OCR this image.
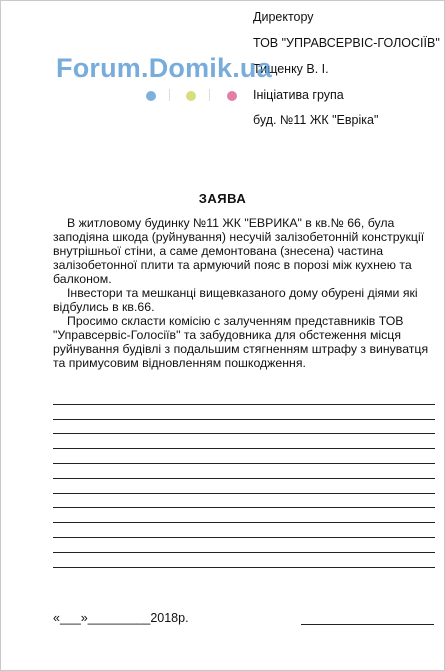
Директору
ТОВ "УПРАВСЕРВІС-ГОЛОСІЇВ"
Тищенку В. І.
Ініціатива група
буд. №11 ЖК "Евріка"
Forum.Domik.ua
ЗАЯВА

В житловому будинку №11 ЖК "ЕВРИКА" в кв.№ 66, була заподіяна шкода (руйнування) несучій залізобетонній конструкції внутрішньої стіни, а саме демонтована (знесена) частина залізобетонної плити та армуючий пояс в порозі між кухнею та балконом.

Інвестори та мешканці вищевказаного дому обурені діями які відбулись в кв.66.

Просимо скласти комісію с залученням представників ТОВ "Управсервіс-Голосіїв" та забудовника для обстеження місця руйнування будівлі з подальшим стягненням штрафу з винуватця та примусовим відновленням пошкодження.

«___»_________2018р.
